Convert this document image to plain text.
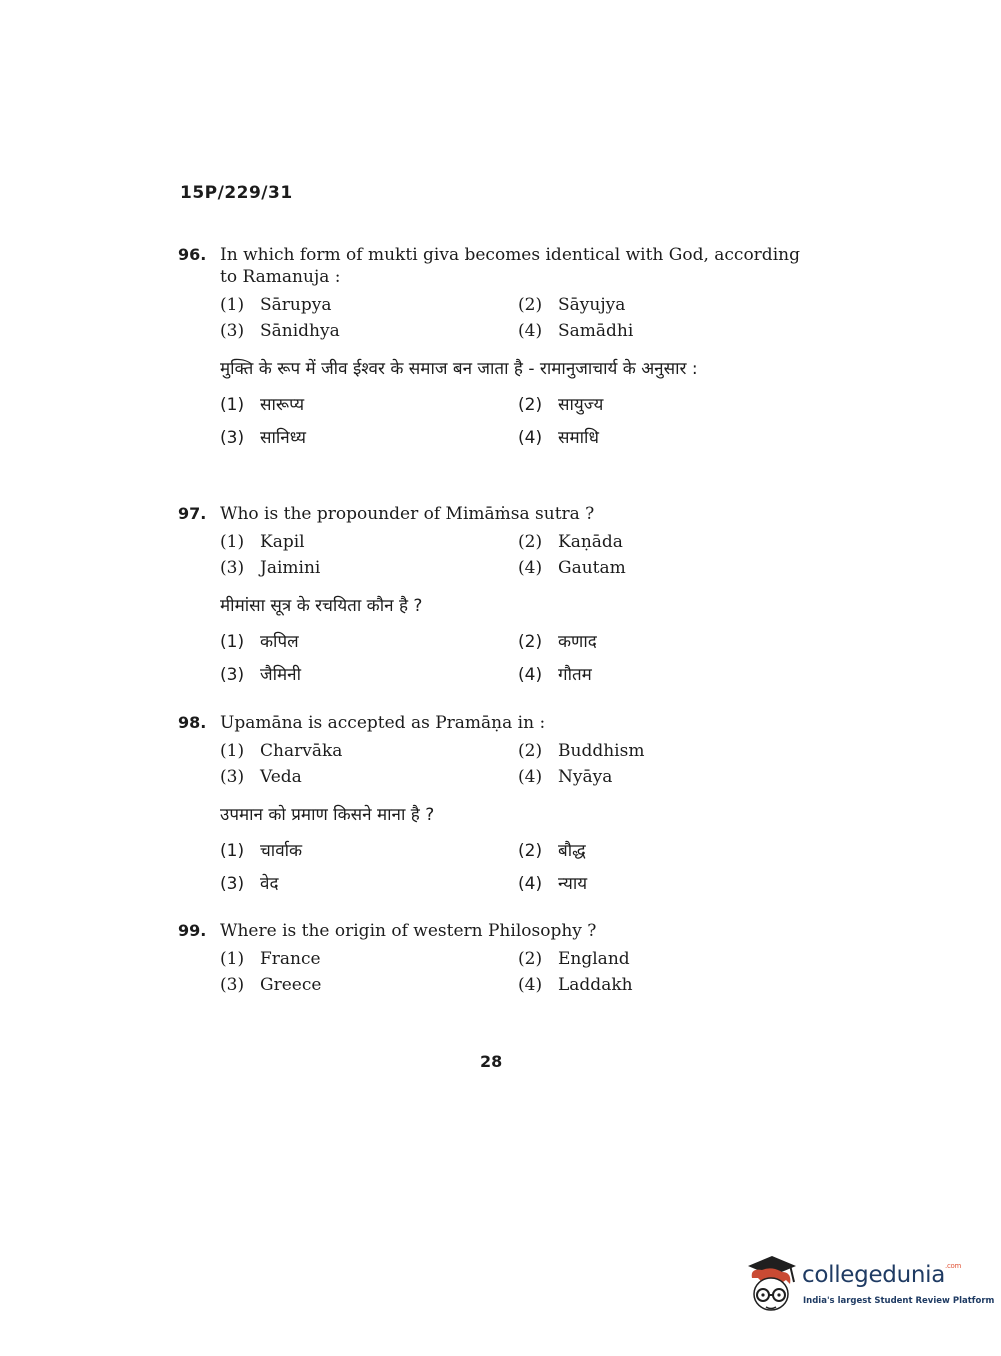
15P/229/31
96. In which form of mukti giva becomes identical with God, according to Ramanuja :
(1) Sārupya	(2) Sāyujya
(3) Sānidhya	(4) Samādhi
मुक्ति के रूप में जीव ईश्वर के समाज बन जाता है - रामानुजाचार्य के अनुसार :
(1) सारूप्य	(2) सायुज्य
(3) सानिध्य	(4) समाधि
97. Who is the propounder of Mimāṁsa sutra ?
(1) Kapil	(2) Kaṇāda
(3) Jaimini	(4) Gautam
मीमांसा सूत्र के रचयिता कौन है ?
(1) कपिल	(2) कणाद
(3) जैमिनी	(4) गौतम
98. Upamāna is accepted as Pramāṇa in :
(1) Charvāka	(2) Buddhism
(3) Veda	(4) Nyāya
उपमान को प्रमाण किसने माना है ?
(1) चार्वाक	(2) बौद्ध
(3) वेद	(4) न्याय
99. Where is the origin of western Philosophy ?
(1) France	(2) England
(3) Greece	(4) Laddakh
28
collegedunia$^{.com}$
India's largest Student Review Platform
